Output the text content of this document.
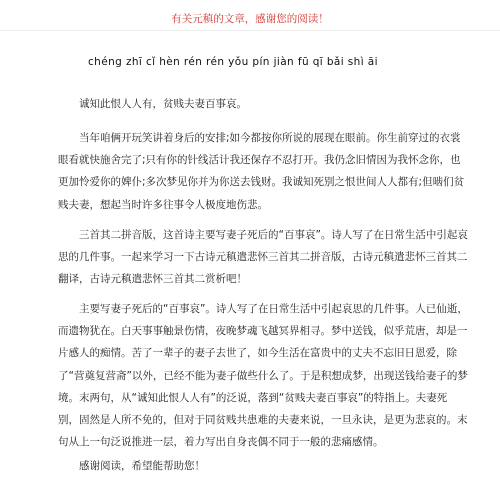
有关元稹的文章，感谢您的阅读！
chéng zhī cǐ hèn rén rén yǒu pín jiàn fū qī bǎi shì āi

诚知此恨人人有，贫贱夫妻百事哀。

当年咱俩开玩笑讲着身后的安排;如今都按你所说的展现在眼前。你生前穿过的衣裳眼看就快施舍完了;只有你的针线活计我还保存不忍打开。我仍念旧情因为我怀念你，也更加怜爱你的婢仆;多次梦见你并为你送去钱财。我诚知死别之恨世间人人都有;但啮们贫贱夫妻，想起当时许多往事令人极度地伤悲。

三首其二拼音版，这首诗主要写妻子死后的“百事哀”。诗人写了在日常生活中引起哀思的几件事。一起来学习一下古诗元稹遣悲怀三首其二拼音版，古诗元稹遣悲怀三首其二翻译，古诗元稹遣悲怀三首其二赏析吧！

主要写妻子死后的“百事哀”。诗人写了在日常生活中引起哀思的几件事。人已仙逝，而遗物犹在。白天事事触景伤情，夜晚梦魂飞越冥界相寻。梦中送钱，似乎荒唐，却是一片感人的痴情。苦了一辈子的妻子去世了，如今生活在富贵中的丈夫不忘旧日恩爱，除了“营奠复营斋”以外，已经不能为妻子做些什么了。于是积想成梦，出现送钱给妻子的梦境。末两句，从“诚知此恨人人有”的泛说，落到“贫贱夫妻百事哀”的特指上。夫妻死别，固然是人所不免的，但对于同贫贱共患难的夫妻来说，一旦永诀，是更为悲哀的。末句从上一句泛说推进一层，着力写出自身丧偶不同于一般的悲痛感情。

感谢阅读，希望能帮助您！
